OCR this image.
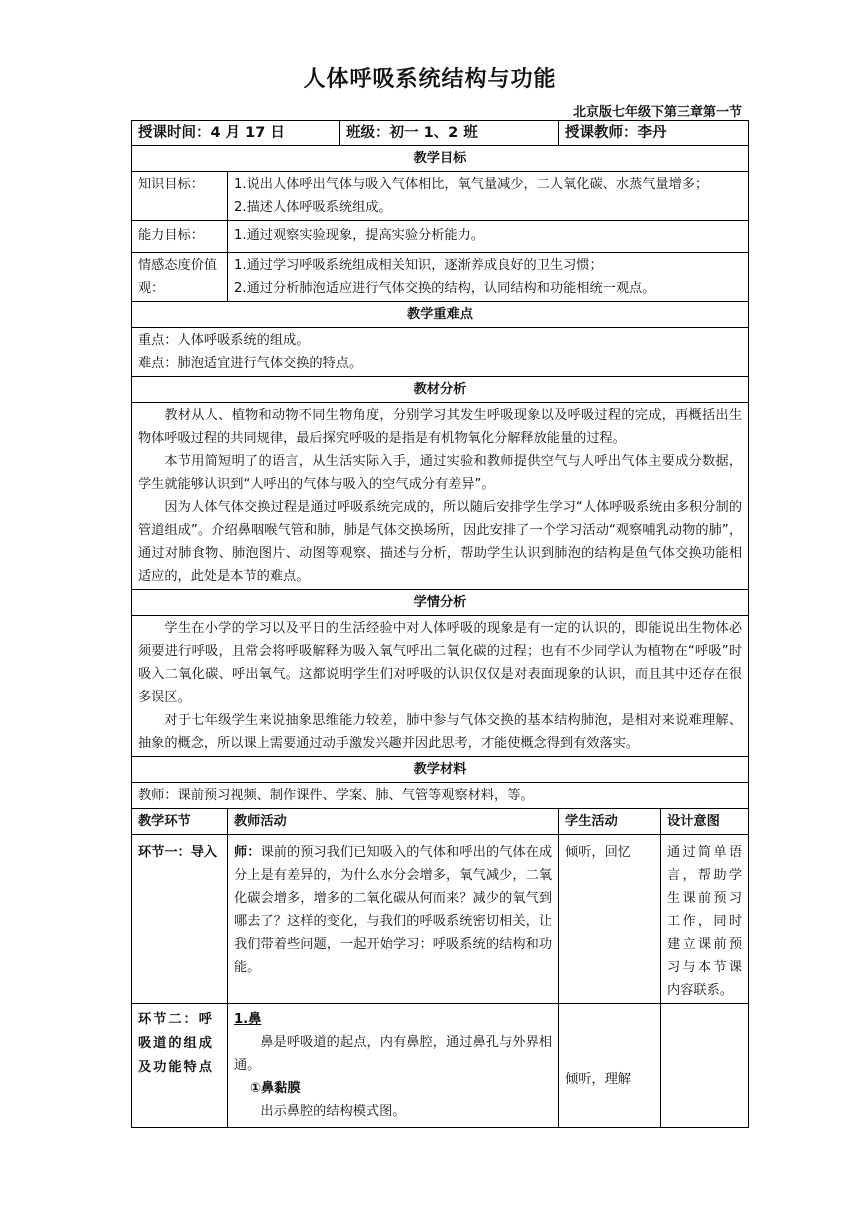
人体呼吸系统结构与功能
北京版七年级下第三章第一节
授课时间：4 月 17 日		班级：初一 1、2 班	授课教师：李丹	
教学目标				
知识目标：	1.说出人体呼出气体与吸入气体相比，氧气量减少，二人氧化碳、水蒸气量增多；

2.描述人体呼吸系统组成。			

能力目标：	1.通过观察实验现象，提高实验分析能力。			

情感态度价值观：	1.通过学习呼吸系统组成相关知识，逐渐养成良好的卫生习惯；

2.通过分析肺泡适应进行气体交换的结构，认同结构和功能相统一观点。			

教学重难点				

重点：人体呼吸系统的组成。

难点：肺泡适宜进行气体交换的特点。				

教材分析				

教材从人、植物和动物不同生物角度，分别学习其发生呼吸现象以及呼吸过程的完成，再概括出生物体呼吸过程的共同规律，最后探究呼吸的是指是有机物氧化分解释放能量的过程。

本节用简短明了的语言，从生活实际入手，通过实验和教师提供空气与人呼出气体主要成分数据，学生就能够认识到“人呼出的气体与吸入的空气成分有差异”。

因为人体气体交换过程是通过呼吸系统完成的，所以随后安排学生学习“人体呼吸系统由多积分制的管道组成”。介绍鼻咽喉气管和肺，肺是气体交换场所，因此安排了一个学习活动“观察哺乳动物的肺”，通过对肺食物、肺泡图片、动图等观察、描述与分析，帮助学生认识到肺泡的结构是鱼气体交换功能相适应的，此处是本节的难点。				

学情分析				

学生在小学的学习以及平日的生活经验中对人体呼吸的现象是有一定的认识的，即能说出生物体必须要进行呼吸，且常会将呼吸解释为吸入氧气呼出二氧化碳的过程；也有不少同学认为植物在“呼吸”时吸入二氧化碳、呼出氧气。这都说明学生们对呼吸的认识仅仅是对表面现象的认识，而且其中还存在很多误区。

对于七年级学生来说抽象思维能力较差，肺中参与气体交换的基本结构肺泡，是相对来说难理解、抽象的概念，所以课上需要通过动手激发兴趣并因此思考，才能使概念得到有效落实。				

教学材料				
教师：课前预习视频、制作课件、学案、肺、气管等观察材料，等。				
教学环节	教师活动		学生活动	设计意图
环节一：导入	师：课前的预习我们已知吸入的气体和呼出的气体在成分上是有差异的，为什么水分会增多，氧气减少，二氧化碳会增多，增多的二氧化碳从何而来？减少的氧气到哪去了？这样的变化，与我们的呼吸系统密切相关，让我们带着些问题，一起开始学习：呼吸系统的结构和功能。		倾听，回忆	通过简单语言，帮助学生课前预习工作，同时建立课前预习与本节课内容联系。
环节二：呼吸道的组成及功能特点	1.鼻

鼻是呼吸道的起点，内有鼻腔，通过鼻孔与外界相通。

①鼻黏膜

出示鼻腔的结构模式图。		倾听，理解	
